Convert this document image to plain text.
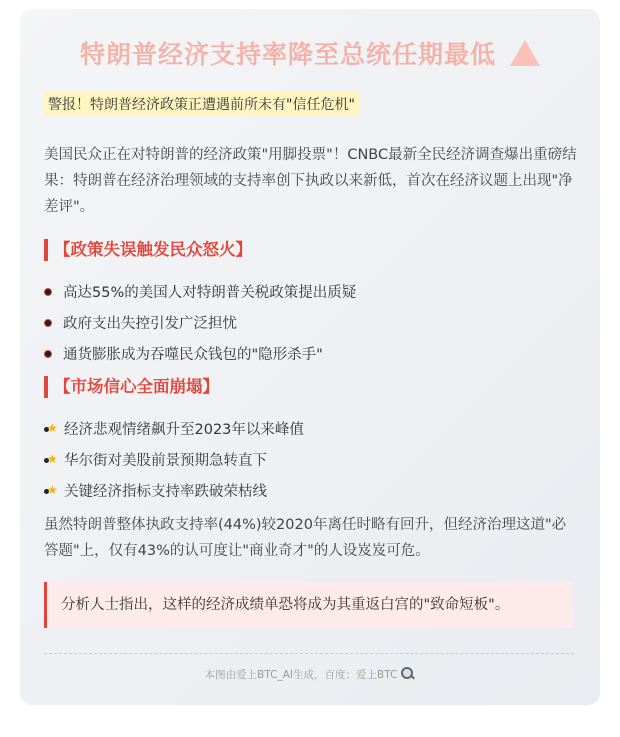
特朗普经济支持率降至总统任期最低
警报！特朗普经济政策正遭遇前所未有"信任危机"
美国民众正在对特朗普的经济政策"用脚投票"！CNBC最新全民经济调查爆出重磅结果：特朗普在经济治理领域的支持率创下执政以来新低，首次在经济议题上出现"净差评"。
【政策失误触发民众怒火】
高达55%的美国人对特朗普关税政策提出质疑
政府支出失控引发广泛担忧
通货膨胀成为吞噬民众钱包的"隐形杀手"
【市场信心全面崩塌】
★ 经济悲观情绪飙升至2023年以来峰值
★ 华尔街对美股前景预期急转直下
★ 关键经济指标支持率跌破荣枯线
虽然特朗普整体执政支持率(44%)较2020年离任时略有回升，但经济治理这道"必答题"上，仅有43%的认可度让"商业奇才"的人设岌岌可危。
分析人士指出，这样的经济成绩单恐将成为其重返白宫的"致命短板"。
本图由爱上BTC_AI生成，百度：爱上BTC
